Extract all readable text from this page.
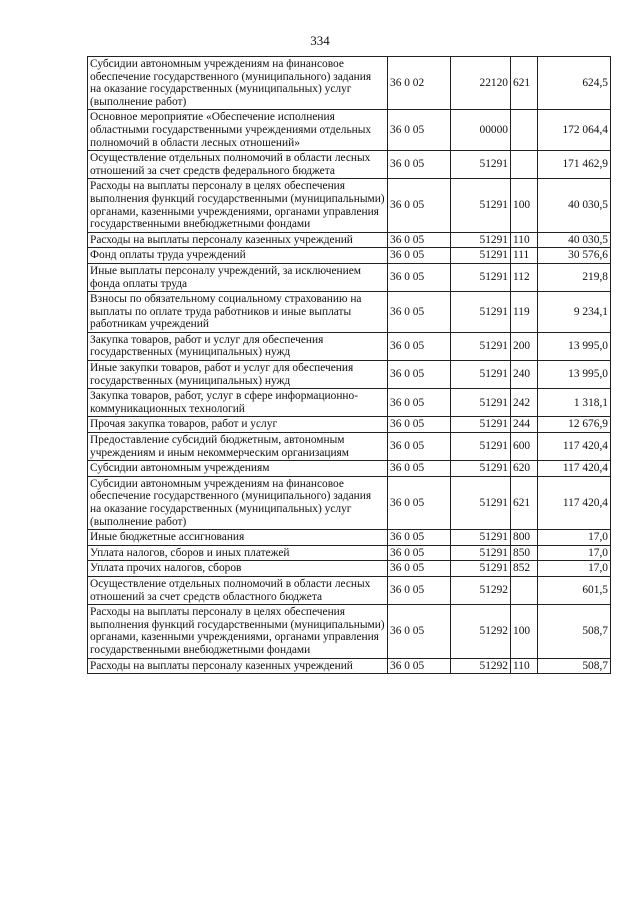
334
Субсидии автономным учреждениям на финансовое обеспечение государственного (муниципального) задания на оказание государственных (муниципальных) услуг (выполнение работ)	36 0 02	22120	621	624,5
Основное мероприятие «Обеспечение исполнения областными государственными учреждениями отдельных полномочий в области лесных отношений»	36 0 05	00000		172 064,4
Осуществление отдельных полномочий в области лесных отношений за счет средств федерального бюджета	36 0 05	51291		171 462,9
Расходы на выплаты персоналу в целях обеспечения выполнения функций государственными (муниципальными) органами, казенными учреждениями, органами управления государственными внебюджетными фондами	36 0 05	51291	100	40 030,5
Расходы на выплаты персоналу казенных учреждений	36 0 05	51291	110	40 030,5
Фонд оплаты труда учреждений	36 0 05	51291	111	30 576,6
Иные выплаты персоналу учреждений, за исключением фонда оплаты труда	36 0 05	51291	112	219,8
Взносы по обязательному социальному страхованию на выплаты по оплате труда работников и иные выплаты работникам учреждений	36 0 05	51291	119	9 234,1
Закупка товаров, работ и услуг для обеспечения государственных (муниципальных) нужд	36 0 05	51291	200	13 995,0
Иные закупки товаров, работ и услуг для обеспечения государственных (муниципальных) нужд	36 0 05	51291	240	13 995,0
Закупка товаров, работ, услуг в сфере информационно-коммуникационных технологий	36 0 05	51291	242	1 318,1
Прочая закупка товаров, работ и услуг	36 0 05	51291	244	12 676,9
Предоставление субсидий бюджетным, автономным учреждениям и иным некоммерческим организациям	36 0 05	51291	600	117 420,4
Субсидии автономным учреждениям	36 0 05	51291	620	117 420,4
Субсидии автономным учреждениям на финансовое обеспечение государственного (муниципального) задания на оказание государственных (муниципальных) услуг (выполнение работ)	36 0 05	51291	621	117 420,4
Иные бюджетные ассигнования	36 0 05	51291	800	17,0
Уплата налогов, сборов и иных платежей	36 0 05	51291	850	17,0
Уплата прочих налогов, сборов	36 0 05	51291	852	17,0
Осуществление отдельных полномочий в области лесных отношений за счет средств областного бюджета	36 0 05	51292		601,5
Расходы на выплаты персоналу в целях обеспечения выполнения функций государственными (муниципальными) органами, казенными учреждениями, органами управления государственными внебюджетными фондами	36 0 05	51292	100	508,7
Расходы на выплаты персоналу казенных учреждений	36 0 05	51292	110	508,7
